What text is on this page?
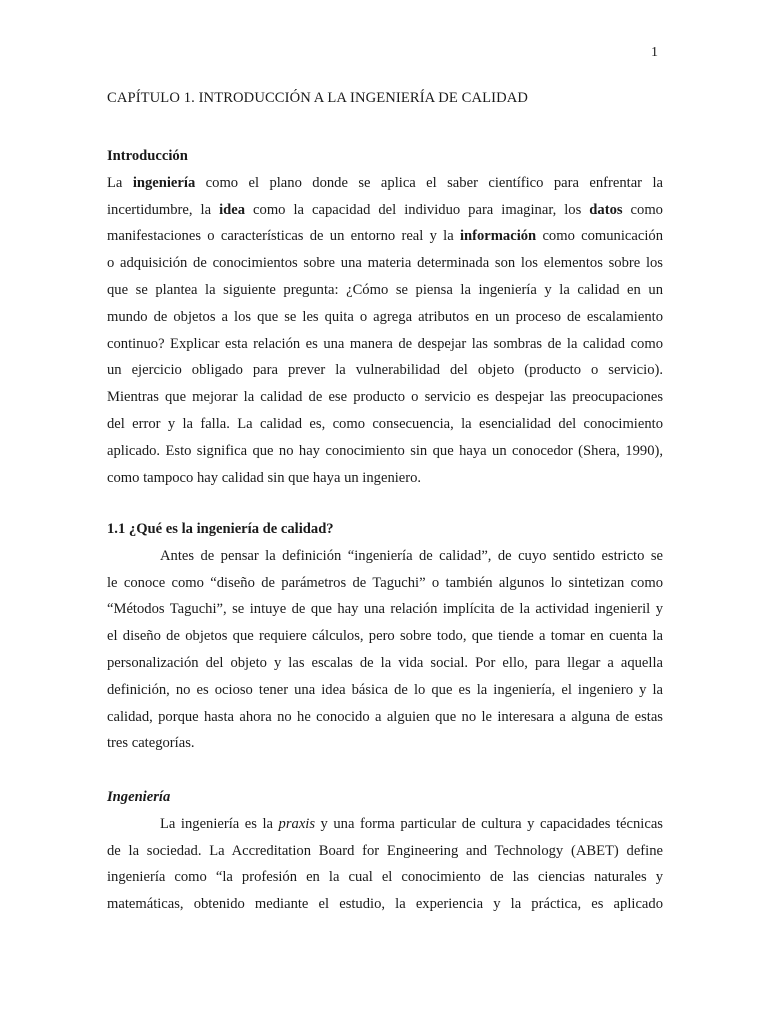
1
CAPÍTULO 1. INTRODUCCIÓN A LA INGENIERÍA DE CALIDAD
Introducción
La ingeniería como el plano donde se aplica el saber científico para enfrentar la
incertidumbre, la idea como la capacidad del individuo para imaginar, los datos como
manifestaciones o características de un entorno real y la información como comunicación
o adquisición de conocimientos sobre una materia determinada son los elementos sobre los
que se plantea la siguiente pregunta: ¿Cómo se piensa la ingeniería y la calidad en un
mundo de objetos a los que se les quita o agrega atributos en un proceso de escalamiento
continuo? Explicar esta relación es una manera de despejar las sombras de la calidad como
un ejercicio obligado para prever la vulnerabilidad del objeto (producto o servicio).
Mientras que mejorar la calidad de ese producto o servicio es despejar las preocupaciones
del error y la falla. La calidad es, como consecuencia, la esencialidad del conocimiento
aplicado. Esto significa que no hay conocimiento sin que haya un conocedor (Shera, 1990),
como tampoco hay calidad sin que haya un ingeniero.
1.1 ¿Qué es la ingeniería de calidad?
Antes de pensar la definición “ingeniería de calidad”, de cuyo sentido estricto se
le conoce como “diseño de parámetros de Taguchi” o también algunos lo sintetizan como
“Métodos Taguchi”, se intuye de que hay una relación implícita de la actividad ingenieril y
el diseño de objetos que requiere cálculos, pero sobre todo, que tiende a tomar en cuenta la
personalización del objeto y las escalas de la vida social. Por ello, para llegar a aquella
definición, no es ocioso tener una idea básica de lo que es la ingeniería, el ingeniero y la
calidad, porque hasta ahora no he conocido a alguien que no le interesara a alguna de estas
tres categorías.
Ingeniería
La ingeniería es la praxis y una forma particular de cultura y capacidades técnicas
de la sociedad. La Accreditation Board for Engineering and Technology (ABET) define
ingeniería como “la profesión en la cual el conocimiento de las ciencias naturales y
matemáticas, obtenido mediante el estudio, la experiencia y la práctica, es aplicado
